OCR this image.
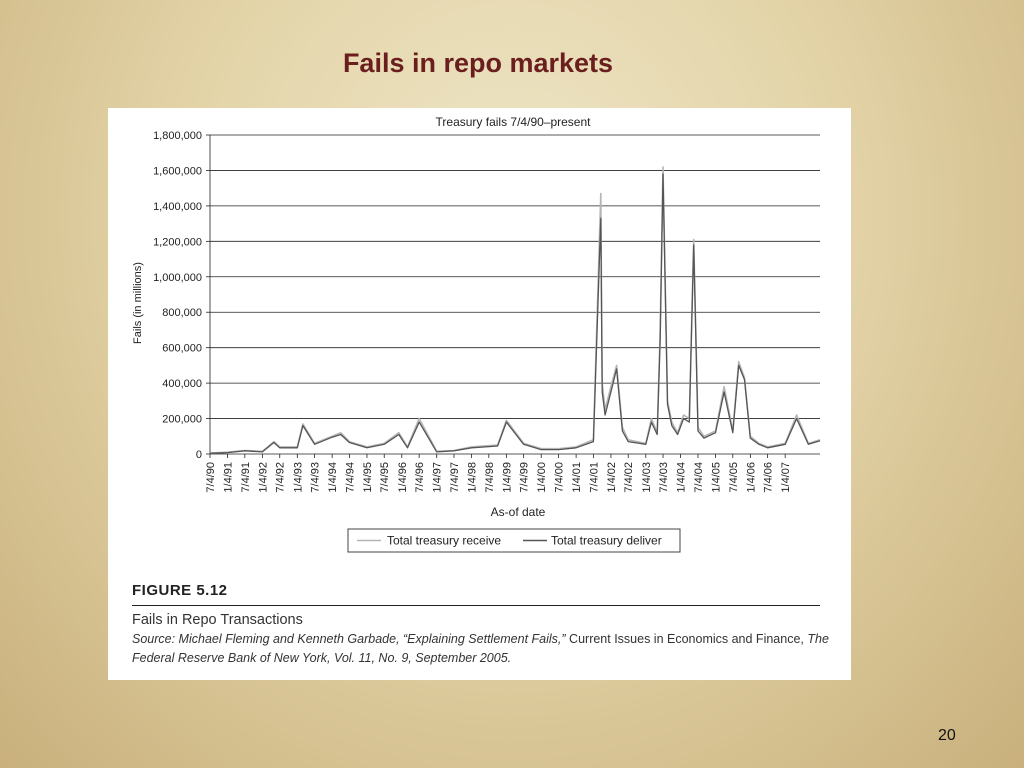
Fails in repo markets
0
200,000
400,000
600,000
800,000
1,000,000
1,200,000
1,400,000
1,600,000
1,800,000
7/4/90 1/4/91 7/4/91 1/4/92 7/4/92 1/4/93 7/4/93 1/4/94 7/4/94 1/4/95 7/4/95 1/4/96 7/4/96 1/4/97 7/4/97 1/4/98 7/4/98 1/4/99 7/4/99 1/4/00 7/4/00 1/4/01 7/4/01 1/4/02 7/4/02 1/4/03 7/4/03 1/4/04 7/4/04 1/4/05 7/4/05 1/4/06 7/4/06 1/4/07
Treasury fails 7/4/90–present
Fails (in millions)
As-of date
Total treasury receive	Total treasury deliver
FIGURE 5.12
Fails in Repo Transactions
Source: Michael Fleming and Kenneth Garbade, “Explaining Settlement Fails,” Current Issues in Economics and Finance, The Federal Reserve Bank of New York, Vol. 11, No. 9, September 2005.
20
